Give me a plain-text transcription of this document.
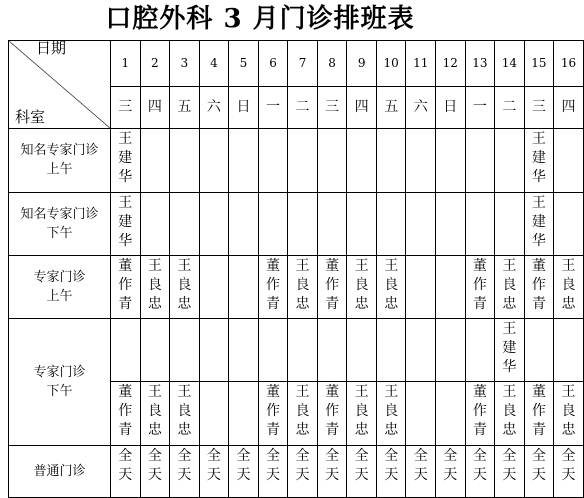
口腔外科 3 月门诊排班表
日期
科室	1	2	3	4	5	6	7	8	9	10	11	12	13	14	15	16
	三	四	五	六	日	一	二	三	四	五	六	日	一	二	三	四

知名专家门诊
上午	王建华														王建华	

知名专家门诊
下午	王建华														王建华	

专家门诊
上午	董作青	王良忠	王良忠			董作青	王良忠	董作青	王良忠	王良忠			董作青	王良忠	董作青	王良忠

专家门诊
下午														王建华		

	董作青	王良忠	王良忠			董作青	王良忠	董作青	王良忠	王良忠			董作青	王良忠	董作青	王良忠

普通门诊	全天	全天	全天	全天	全天	全天	全天	全天	全天	全天	全天	全天	全天	全天	全天	全天
